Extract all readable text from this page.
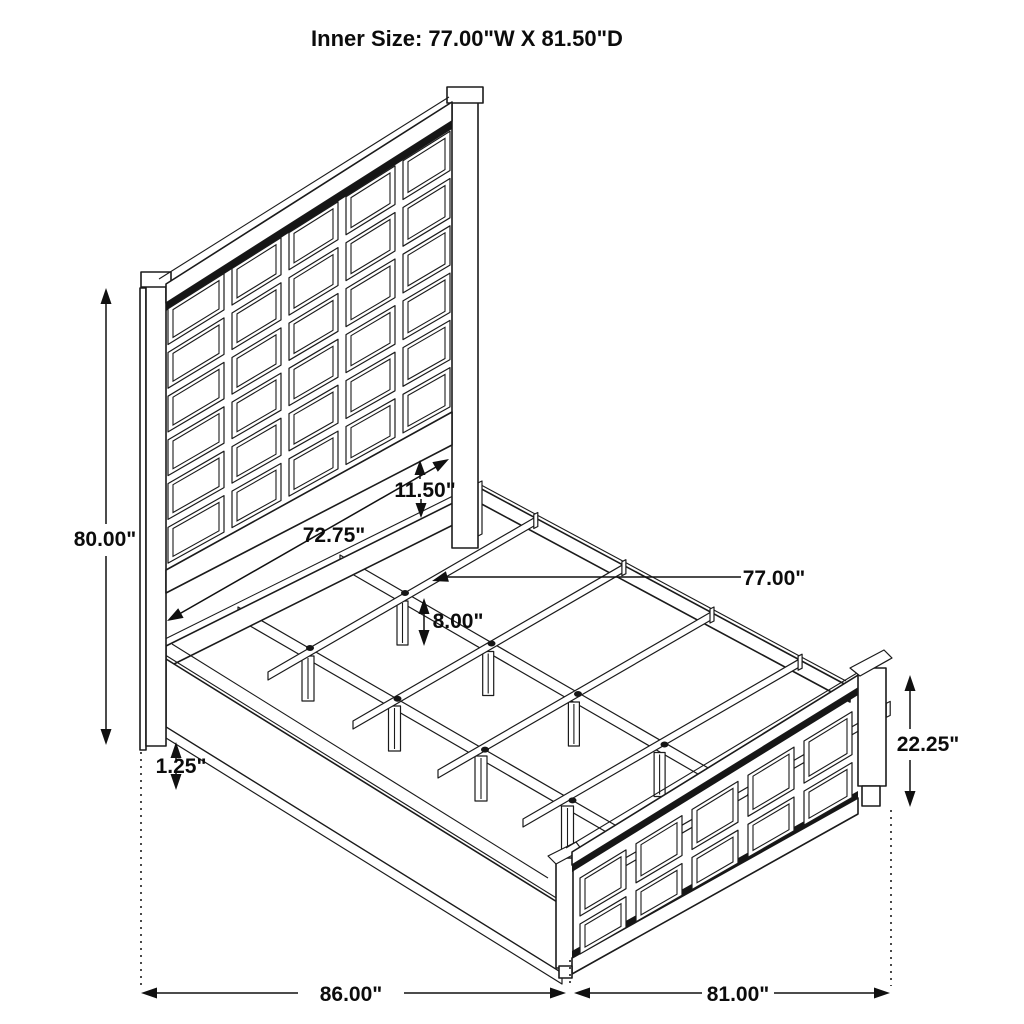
80.00"
11.50"
72.75"
77.00"
8.00"
1.25"
22.25"
86.00"	81.00"
Inner Size: 77.00"W X 81.50"D
